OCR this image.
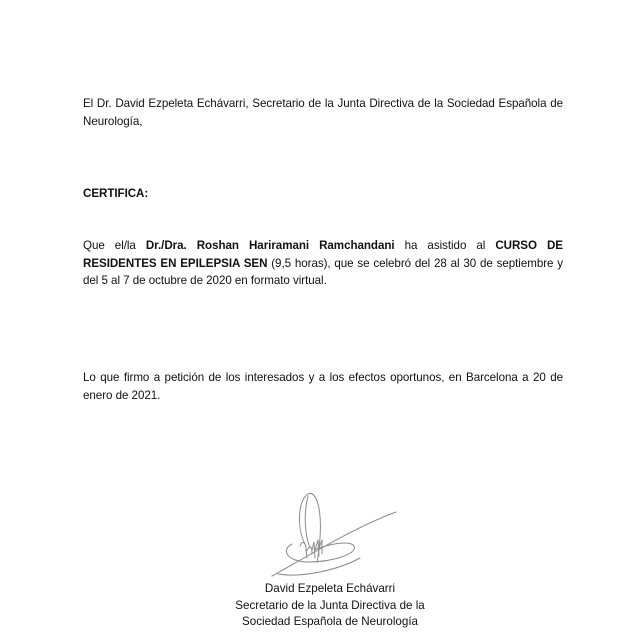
El Dr. David Ezpeleta Echávarri, Secretario de la Junta Directiva de la Sociedad Española de Neurología,
CERTIFICA:
Que el/la Dr./Dra. Roshan Hariramani Ramchandani ha asistido al CURSO DE RESIDENTES EN EPILEPSIA SEN (9,5 horas), que se celebró del 28 al 30 de septiembre y del 5 al 7 de octubre de 2020 en formato virtual.
Lo que firmo a petición de los interesados y a los efectos oportunos, en Barcelona a 20 de enero de 2021.
David Ezpeleta Echávarri
Secretario de la Junta Directiva de la
Sociedad Española de Neurología
